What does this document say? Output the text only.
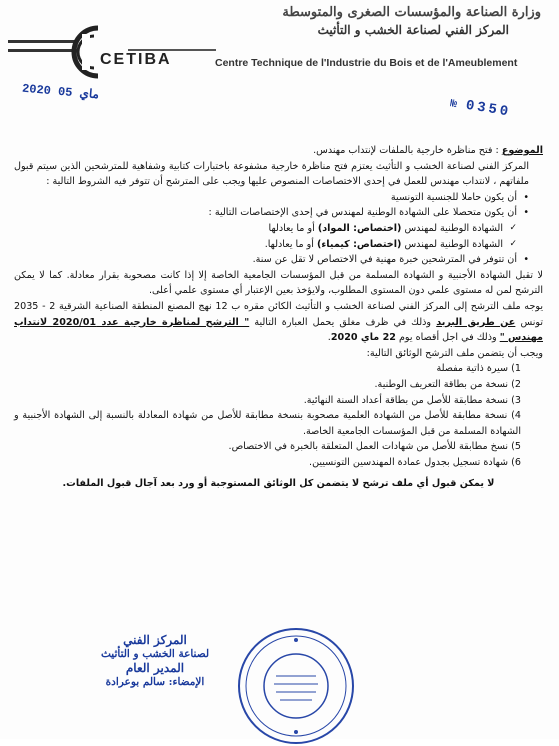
وزارة الصناعة والمؤسسات الصغرى والمتوسطة
المركز الفني لصناعة الخشب و التأثيث
CETIBA	Centre Technique de l'Industrie du Bois et de l'Ameublement
2020 ماي 05
№ 0350

الموضوع : فتح مناظرة خارجية بالملفات لإنتداب مهندس.

المركز الفني لصناعة الخشب و التأثيث يعتزم فتح مناظرة خارجية مشفوعة باختبارات كتابية وشفاهية للمترشحين الذين سيتم قبول ملفاتهم ، لانتداب مهندس للعمل في إحدى الاختصاصات المنصوص عليها ويجب على المترشح أن تتوفر فيه الشروط التالية :

• أن يكون حاملا للجنسية التونسية
• أن يكون متحصلا على الشهادة الوطنية لمهندس في إحدى الإختصاصات التالية :
✓ الشهادة الوطنية لمهندس (اختصاص: المواد) أو ما يعادلها
✓ الشهادة الوطنية لمهندس (اختصاص: كيمياء) أو ما يعادلها.
• أن تتوفر في المترشحين خبرة مهنية في الاختصاص لا تقل عن سنة.

لا تقبل الشهادة الأجنبية و الشهادة المسلمة من قبل المؤسسات الجامعية الخاصة إلا إذا كانت مصحوبة بقرار معادلة. كما لا يمكن الترشح لمن له مستوى علمي دون المستوى المطلوب، ولايؤخذ بعين الإعتبار أي مستوى علمي أعلى.

يوجه ملف الترشح إلى المركز الفني لصناعة الخشب و التأثيث الكائن مقره ب 12 نهج المصنع المنطقة الصناعية الشرقية 2 - 2035 تونس عن طريق البريد وذلك في ظرف مغلق يحمل العبارة التالية " الترشح لمناظرة خارجية عدد 2020/01 لانتداب مهندس " وذلك في اجل أقصاه يوم 22 ماي 2020.

ويجب أن يتضمن ملف الترشح الوثائق التالية:

1) سيرة ذاتية مفصلة
2) نسخة من بطاقة التعريف الوطنية.
3) نسخة مطابقة للأصل من بطاقة أعداد السنة النهائية.
4) نسخة مطابقة للأصل من الشهادة العلمية مصحوبة بنسخة مطابقة للأصل من شهادة المعادلة بالنسبة إلى الشهادة الأجنبية و الشهادة المسلمة من قبل المؤسسات الجامعية الخاصة.
5) نسخ مطابقة للأصل من شهادات العمل المتعلقة بالخبرة في الاختصاص.
6) شهادة تسجيل بجدول عمادة المهندسين التونسيين.

لا يمكن قبول أي ملف ترشح لا يتضمن كل الوثائق المستوجبة أو ورد بعد آجال قبول الملفات.

المركز الفني
لصناعة الخشب و التأثيث
المدير العام
الإمضاء: سالم بوعرادة
